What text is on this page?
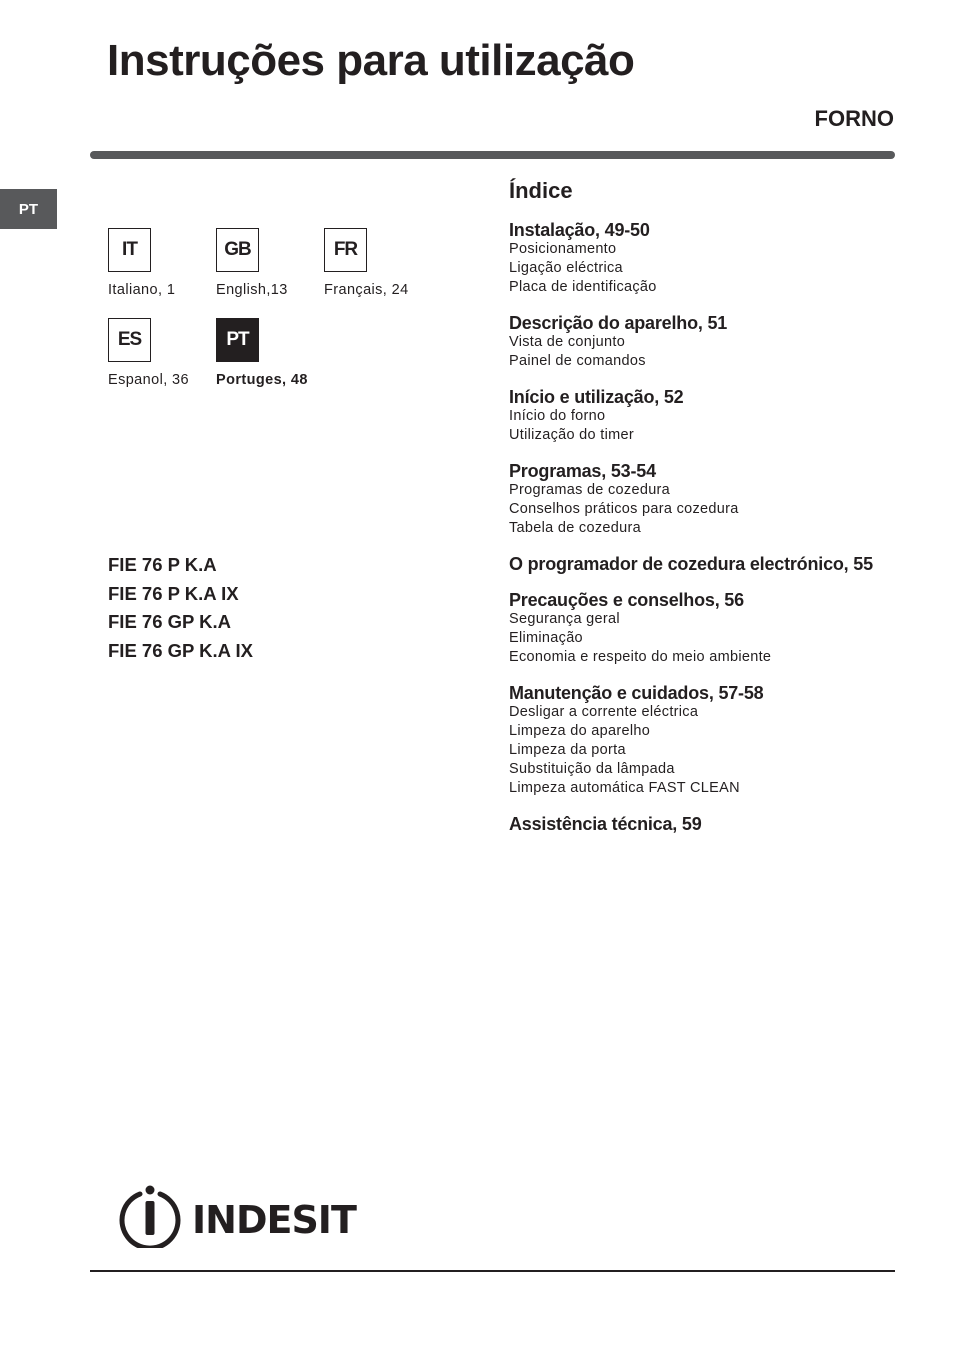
Instruções para utilização
FORNO
PT
IT
Italiano, 1
GB
English,13
FR
Français, 24
ES
Espanol, 36
PT
Portuges, 48
FIE 76 P K.A
FIE 76 P K.A IX
FIE 76 GP K.A
FIE 76 GP K.A IX
Índice
Instalação, 49-50
Posicionamento
Ligação eléctrica
Placa de identificação
Descrição do aparelho, 51
Vista de conjunto
Painel de comandos
Início e utilização, 52
Início do forno
Utilização do timer
Programas, 53-54
Programas de cozedura
Conselhos práticos para cozedura
Tabela de cozedura
O programador de cozedura electrónico, 55
Precauções e conselhos, 56
Segurança geral
Eliminação
Economia e respeito do meio ambiente
Manutenção e cuidados, 57-58
Desligar a corrente eléctrica
Limpeza do aparelho
Limpeza da porta
Substituição da lâmpada
Limpeza automática FAST CLEAN
Assistência técnica, 59
INDESIT
